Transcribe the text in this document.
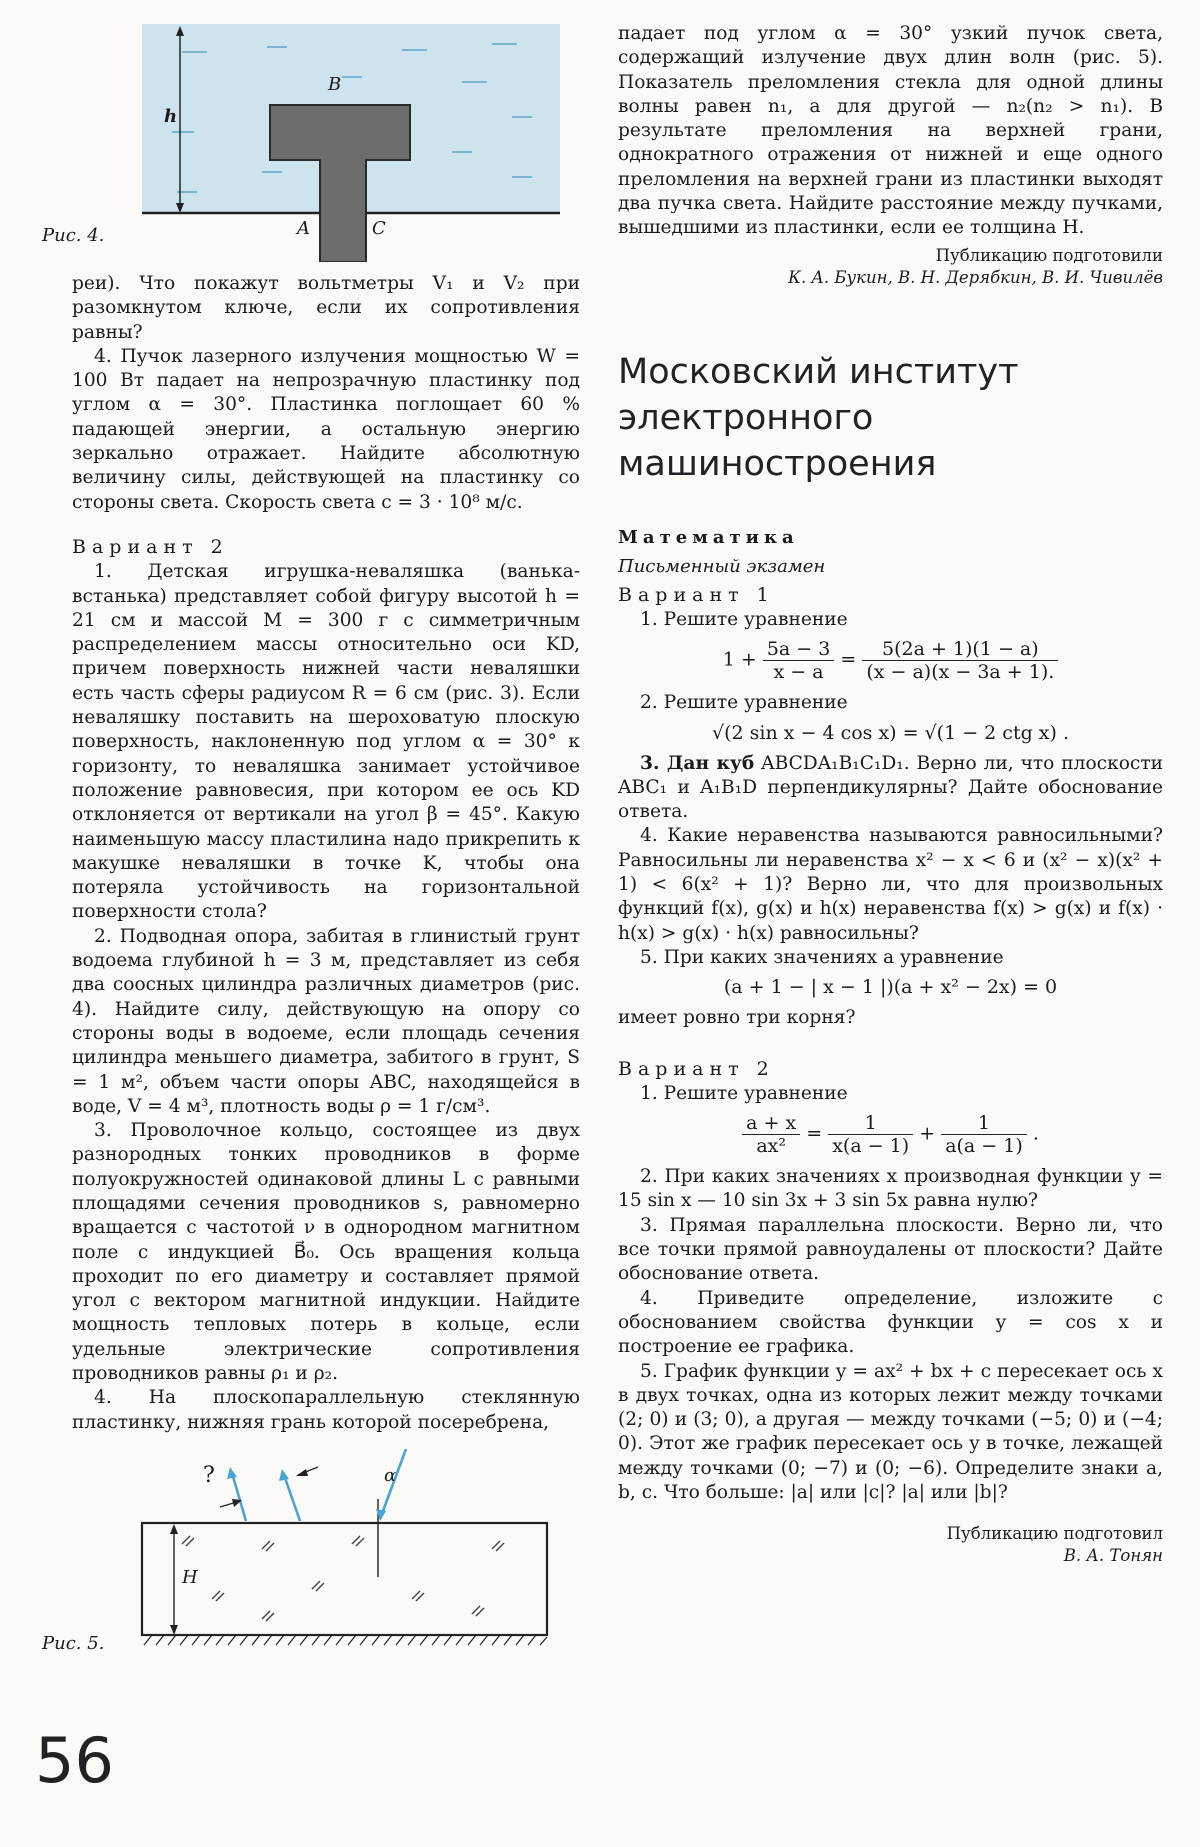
h
B
A	C
Рис. 4.

реи). Что покажут вольтметры V₁ и V₂ при разомкнутом ключе, если их сопротивления равны?

4. Пучок лазерного излучения мощностью W = 100 Вт падает на непрозрачную пластинку под углом α = 30°. Пластинка поглощает 60 % падающей энергии, а остальную энергию зеркально отражает. Найдите абсолютную величину силы, действующей на пластинку со стороны света. Скорость света c = 3 · 10⁸ м/с.

Вариант 2

1. Детская игрушка-неваляшка (ванька-встанька) представляет собой фигуру высотой h = 21 см и массой M = 300 г с симметричным распределением массы относительно оси KD, причем поверхность нижней части неваляшки есть часть сферы радиусом R = 6 см (рис. 3). Если неваляшку поставить на шероховатую плоскую поверхность, наклоненную под углом α = 30° к горизонту, то неваляшка занимает устойчивое положение равновесия, при котором ее ось KD отклоняется от вертикали на угол β = 45°. Какую наименьшую массу пластилина надо прикрепить к макушке неваляшки в точке K, чтобы она потеряла устойчивость на горизонтальной поверхности стола?

2. Подводная опора, забитая в глинистый грунт водоема глубиной h = 3 м, представляет из себя два соосных цилиндра различных диаметров (рис. 4). Найдите силу, действующую на опору со стороны воды в водоеме, если площадь сечения цилиндра меньшего диаметра, забитого в грунт, S = 1 м², объем части опоры ABC, находящейся в воде, V = 4 м³, плотность воды ρ = 1 г/см³.

3. Проволочное кольцо, состоящее из двух разнородных тонких проводников в форме полуокружностей одинаковой длины L с равными площадями сечения проводников s, равномерно вращается с частотой ν в однородном магнитном поле с индукцией B⃗₀. Ось вращения кольца проходит по его диаметру и составляет прямой угол с вектором магнитной индукции. Найдите мощность тепловых потерь в кольце, если удельные электрические сопротивления проводников равны ρ₁ и ρ₂.

4. На плоскопараллельную стеклянную пластинку, нижняя грань которой посеребрена,

?	α
H
Рис. 5.

падает под углом α = 30° узкий пучок света, содержащий излучение двух длин волн (рис. 5). Показатель преломления стекла для одной длины волны равен n₁, а для другой — n₂(n₂ > n₁). В результате преломления на верхней грани, однократного отражения от нижней и еще одного преломления на верхней грани из пластинки выходят два пучка света. Найдите расстояние между пучками, вышедшими из пластинки, если ее толщина H.

Публикацию подготовили
К. А. Букин, В. Н. Дерябкин, В. И. Чивилёв
Московский институт электронного машиностроения
Математика
Письменный экзамен

Вариант 1

1. Решите уравнение

$1 + \frac{5a - 3}{x - a} = \frac{5(2a + 1)(1 - a)}{(x - a)(x - 3a + 1).}$

2. Решите уравнение

√(2 sin x − 4 cos x) = √(1 − 2 ctg x) .

3. Дан куб ABCDA₁B₁C₁D₁. Верно ли, что плоскости ABC₁ и A₁B₁D перпендикулярны? Дайте обоснование ответа.

4. Какие неравенства называются равносильными? Равносильны ли неравенства x² − x < 6 и (x² − x)(x² + 1) < 6(x² + 1)? Верно ли, что для произвольных функций f(x), g(x) и h(x) неравенства f(x) > g(x) и f(x) · h(x) > g(x) · h(x) равносильны?

5. При каких значениях a уравнение

(a + 1 − | x − 1 |)(a + x² − 2x) = 0

имеет ровно три корня?

Вариант 2

1. Решите уравнение

$\frac{a + x}{\text{ax²}} = \frac{1}{x(a - 1)} + \frac{1}{a(a - 1)}$ .

2. При каких значениях x производная функции y = 15 sin x — 10 sin 3x + 3 sin 5x равна нулю?

3. Прямая параллельна плоскости. Верно ли, что все точки прямой равноудалены от плоскости? Дайте обоснование ответа.

4. Приведите определение, изложите с обоснованием свойства функции y = cos x и построение ее графика.

5. График функции y = ax² + bx + c пересекает ось x в двух точках, одна из которых лежит между точками (2; 0) и (3; 0), а другая — между точками (−5; 0) и (−4; 0). Этот же график пересекает ось y в точке, лежащей между точками (0; −7) и (0; −6). Определите знаки a, b, c. Что больше: |a| или |c|? |a| или |b|?

Публикацию подготовил
В. А. Тонян
56
